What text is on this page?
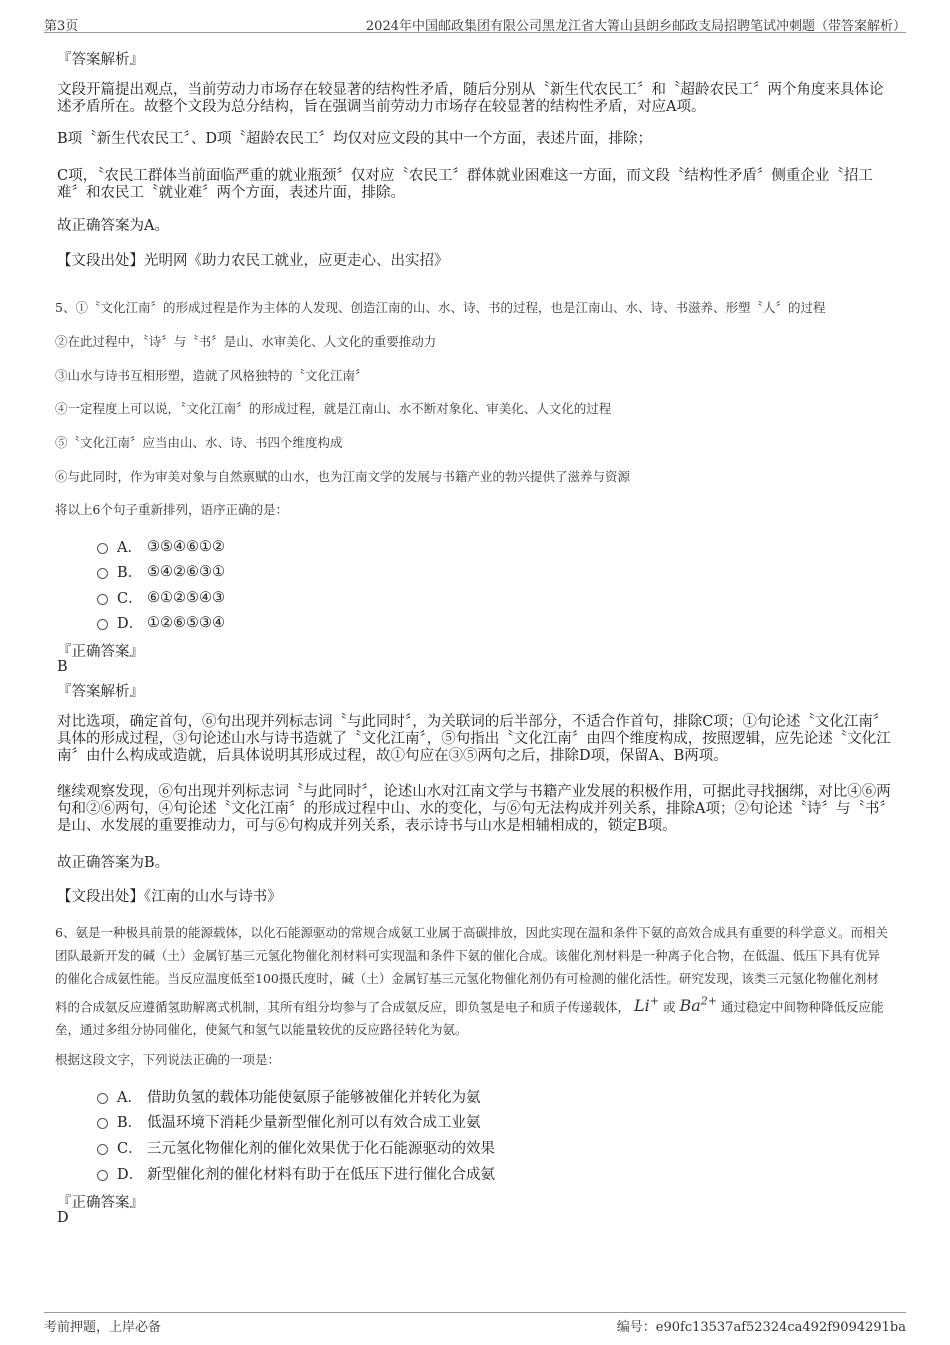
第3页	2024年中国邮政集团有限公司黑龙江省大箐山县朗乡邮政支局招聘笔试冲刺题（带答案解析）
『答案解析』
文段开篇提出观点，当前劳动力市场存在较显著的结构性矛盾，随后分别从〝新生代农民工〞和〝超龄农民工〞两个角度来具体论述矛盾所在。故整个文段为总分结构，旨在强调当前劳动力市场存在较显著的结构性矛盾，对应A项。
B项〝新生代农民工〞、D项〝超龄农民工〞均仅对应文段的其中一个方面，表述片面，排除；
C项，〝农民工群体当前面临严重的就业瓶颈〞仅对应〝农民工〞群体就业困难这一方面，而文段〝结构性矛盾〞侧重企业〝招工难〞和农民工〝就业难〞两个方面，表述片面，排除。
故正确答案为A。
【文段出处】光明网《助力农民工就业，应更走心、出实招》
5、①〝文化江南〞的形成过程是作为主体的人发现、创造江南的山、水、诗、书的过程，也是江南山、水、诗、书滋养、形塑〝人〞的过程
②在此过程中，〝诗〞与〝书〞是山、水审美化、人文化的重要推动力
③山水与诗书互相形塑，造就了风格独特的〝文化江南〞
④一定程度上可以说，〝文化江南〞的形成过程，就是江南山、水不断对象化、审美化、人文化的过程
⑤〝文化江南〞应当由山、水、诗、书四个维度构成
⑥与此同时，作为审美对象与自然禀赋的山水，也为江南文学的发展与书籍产业的勃兴提供了滋养与资源
将以上6个句子重新排列，语序正确的是：
A． ③⑤④⑥①②
B． ⑤④②⑥③①
C． ⑥①②⑤④③
D． ①②⑥⑤③④
『正确答案』
B
『答案解析』
对比选项，确定首句，⑥句出现并列标志词〝与此同时〞，为关联词的后半部分，不适合作首句，排除C项；①句论述〝文化江南〞具体的形成过程，③句论述山水与诗书造就了〝文化江南〞，⑤句指出〝文化江南〞由四个维度构成，按照逻辑，应先论述〝文化江南〞由什么构成或造就，后具体说明其形成过程，故①句应在③⑤两句之后，排除D项，保留A、B两项。
继续观察发现，⑥句出现并列标志词〝与此同时〞，论述山水对江南文学与书籍产业发展的积极作用，可据此寻找捆绑，对比④⑥两句和②⑥两句，④句论述〝文化江南〞的形成过程中山、水的变化，与⑥句无法构成并列关系，排除A项；②句论述〝诗〞与〝书〞是山、水发展的重要推动力，可与⑥句构成并列关系，表示诗书与山水是相辅相成的，锁定B项。
故正确答案为B。
【文段出处】《江南的山水与诗书》
6、氨是一种极具前景的能源载体，以化石能源驱动的常规合成氨工业属于高碳排放，因此实现在温和条件下氨的高效合成具有重要的科学意义。而相关团队最新开发的碱（土）金属钌基三元氢化物催化剂材料可实现温和条件下氨的催化合成。该催化剂材料是一种离子化合物，在低温、低压下具有优异的催化合成氨性能。当反应温度低至100摄氏度时，碱（土）金属钌基三元氢化物催化剂仍有可检测的催化活性。研究发现，该类三元氢化物催化剂材料的合成氨反应遵循氢助解离式机制，其所有组分均参与了合成氨反应，即负氢是电子和质子传递载体， Li+ 或 $Ba^{2+}$ 通过稳定中间物种降低反应能垒，通过多组分协同催化，使氮气和氢气以能量较优的反应路径转化为氨。
根据这段文字，下列说法正确的一项是：
A． 借助负氢的载体功能使氨原子能够被催化并转化为氨
B． 低温环境下消耗少量新型催化剂可以有效合成工业氨
C． 三元氢化物催化剂的催化效果优于化石能源驱动的效果
D． 新型催化剂的催化材料有助于在低压下进行催化合成氨
『正确答案』
D
考前押题，上岸必备	编号：e90fc13537af52324ca492f9094291ba
